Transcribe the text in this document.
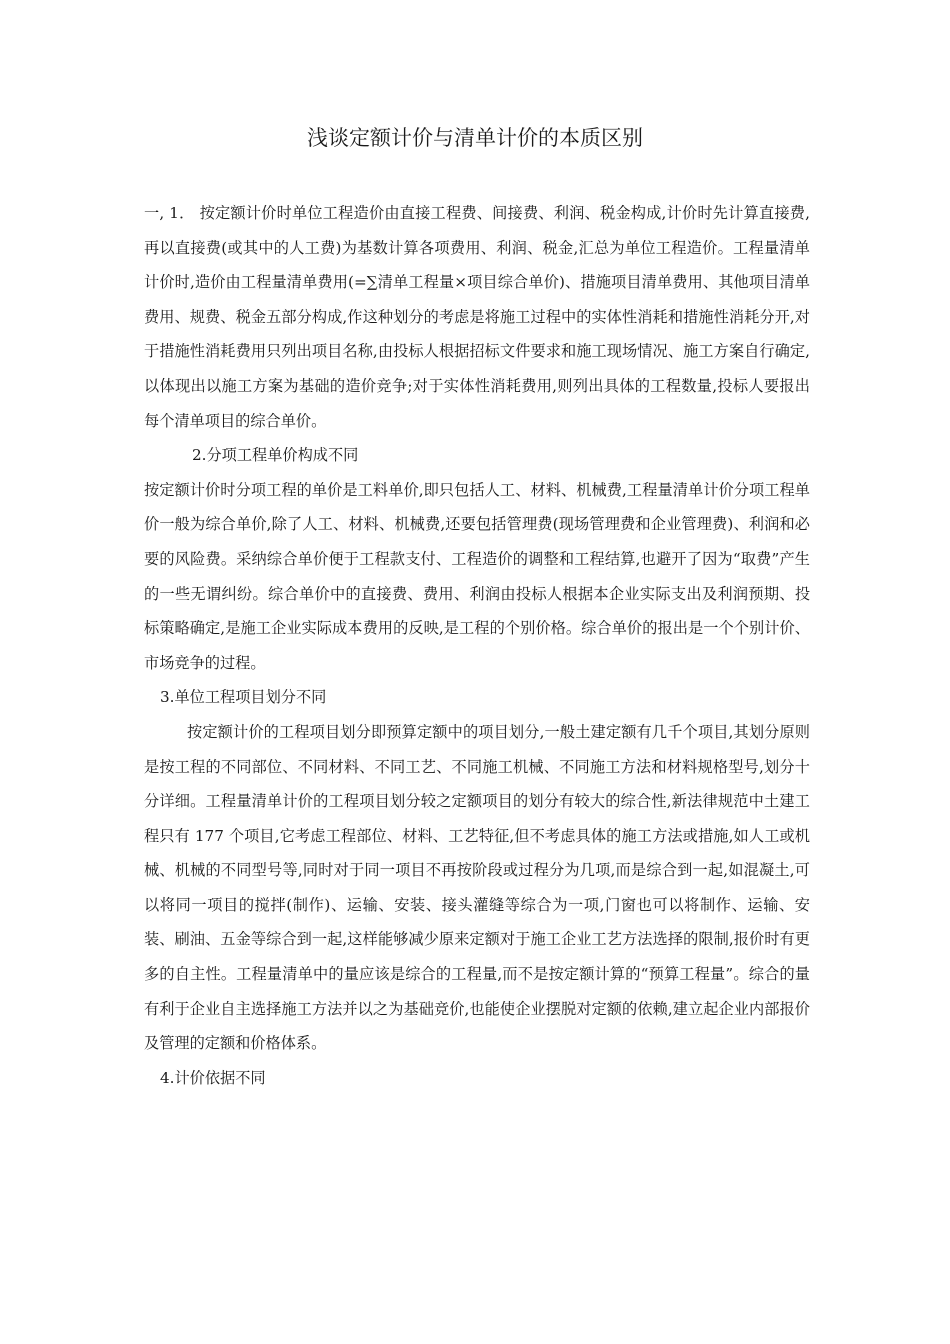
浅谈定额计价与清单计价的本质区别

一, 1． 按定额计价时单位工程造价由直接工程费、间接费、利润、税金构成,计价时先计算直接费,再以直接费(或其中的人工费)为基数计算各项费用、利润、税金,汇总为单位工程造价。工程量清单计价时,造价由工程量清单费用(=∑清单工程量×项目综合单价)、措施项目清单费用、其他项目清单费用、规费、税金五部分构成,作这种划分的考虑是将施工过程中的实体性消耗和措施性消耗分开,对于措施性消耗费用只列出项目名称,由投标人根据招标文件要求和施工现场情况、施工方案自行确定,以体现出以施工方案为基础的造价竞争;对于实体性消耗费用,则列出具体的工程数量,投标人要报出每个清单项目的综合单价。

2.分项工程单价构成不同

按定额计价时分项工程的单价是工料单价,即只包括人工、材料、机械费,工程量清单计价分项工程单价一般为综合单价,除了人工、材料、机械费,还要包括管理费(现场管理费和企业管理费)、利润和必要的风险费。采纳综合单价便于工程款支付、工程造价的调整和工程结算,也避开了因为“取费”产生的一些无谓纠纷。综合单价中的直接费、费用、利润由投标人根据本企业实际支出及利润预期、投标策略确定,是施工企业实际成本费用的反映,是工程的个别价格。综合单价的报出是一个个别计价、市场竞争的过程。

3.单位工程项目划分不同

按定额计价的工程项目划分即预算定额中的项目划分,一般土建定额有几千个项目,其划分原则是按工程的不同部位、不同材料、不同工艺、不同施工机械、不同施工方法和材料规格型号,划分十分详细。工程量清单计价的工程项目划分较之定额项目的划分有较大的综合性,新法律规范中土建工程只有 177 个项目,它考虑工程部位、材料、工艺特征,但不考虑具体的施工方法或措施,如人工或机械、机械的不同型号等,同时对于同一项目不再按阶段或过程分为几项,而是综合到一起,如混凝土,可以将同一项目的搅拌(制作)、运输、安装、接头灌缝等综合为一项,门窗也可以将制作、运输、安装、刷油、五金等综合到一起,这样能够减少原来定额对于施工企业工艺方法选择的限制,报价时有更多的自主性。工程量清单中的量应该是综合的工程量,而不是按定额计算的“预算工程量”。综合的量有利于企业自主选择施工方法并以之为基础竞价,也能使企业摆脱对定额的依赖,建立起企业内部报价及管理的定额和价格体系。

4.计价依据不同
